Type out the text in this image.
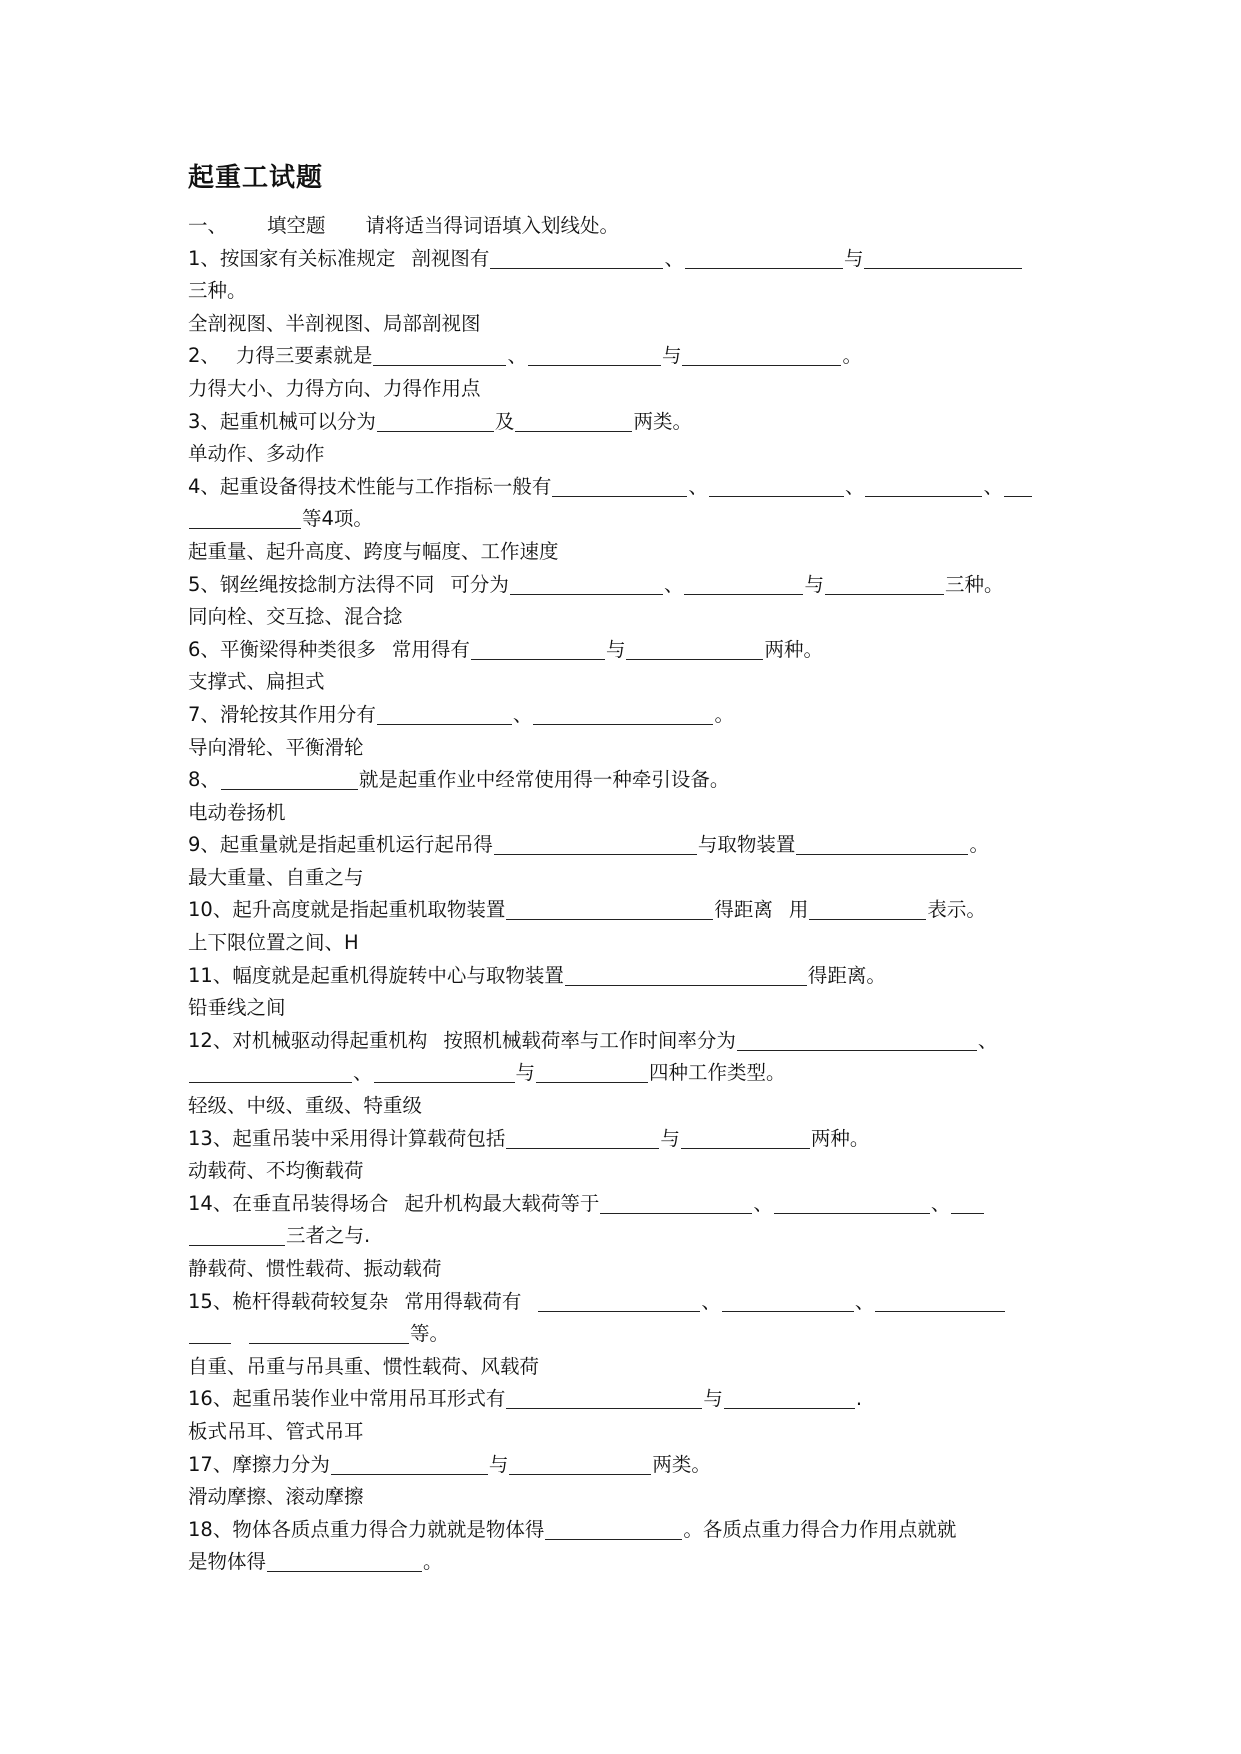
起重工试题
一、 填空题 请将适当得词语填入划线处。
1、按国家有关标准规定 剖视图有	、	与
三种。
全剖视图、半剖视图、局部剖视图
2、 力得三要素就是	、	与	。
力得大小、力得方向、力得作用点
3、起重机械可以分为	及	两类。
单动作、多动作
4、起重设备得技术性能与工作指标一般有	、	、	、
等4项。
起重量、起升高度、跨度与幅度、工作速度
5、钢丝绳按捻制方法得不同 可分为	、	与	三种。
同向栓、交互捻、混合捻
6、平衡梁得种类很多 常用得有	与	两种。
支撑式、扁担式
7、滑轮按其作用分有	、	。
导向滑轮、平衡滑轮
8、	就是起重作业中经常使用得一种牵引设备。
电动卷扬机
9、起重量就是指起重机运行起吊得	与取物装置	。
最大重量、自重之与
10、起升高度就是指起重机取物装置	得距离 用	表示。
上下限位置之间、H
11、幅度就是起重机得旋转中心与取物装置	得距离。
铅垂线之间
12、对机械驱动得起重机构 按照机械载荷率与工作时间率分为	、
、	与	四种工作类型。
轻级、中级、重级、特重级
13、起重吊装中采用得计算载荷包括	与	两种。
动载荷、不均衡载荷
14、在垂直吊装得场合 起升机构最大载荷等于	、	、
三者之与.
静载荷、惯性载荷、振动载荷
15、桅杆得载荷较复杂 常用得载荷有	、	、
等。
自重、吊重与吊具重、惯性载荷、风载荷
16、起重吊装作业中常用吊耳形式有	与	.
板式吊耳、管式吊耳
17、摩擦力分为	与	两类。
滑动摩擦、滚动摩擦
18、物体各质点重力得合力就就是物体得	。各质点重力得合力作用点就就
是物体得	。
